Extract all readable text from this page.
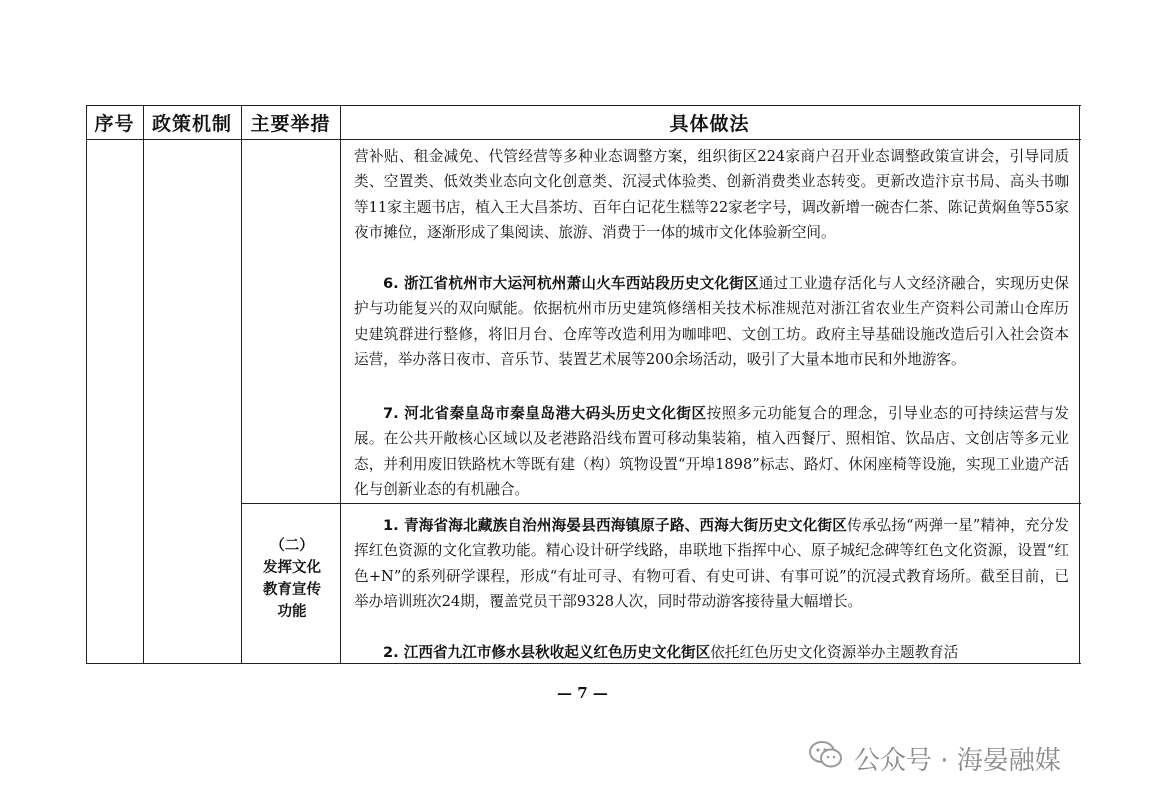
序号 政策机制 主要举措	具体做法
营补贴、租金减免、代管经营等多种业态调整方案，组织街区224家商户召开业态调整政策宣讲会，引导同质类、空置类、低效类业态向文化创意类、沉浸式体验类、创新消费类业态转变。更新改造汴京书局、高头书咖等11家主题书店，植入王大昌茶坊、百年白记花生糕等22家老字号，调改新增一碗杏仁茶、陈记黄焖鱼等55家夜市摊位，逐渐形成了集阅读、旅游、消费于一体的城市文化体验新空间。
6. 浙江省杭州市大运河杭州萧山火车西站段历史文化街区通过工业遗存活化与人文经济融合，实现历史保护与功能复兴的双向赋能。依据杭州市历史建筑修缮相关技术标准规范对浙江省农业生产资料公司萧山仓库历史建筑群进行整修，将旧月台、仓库等改造利用为咖啡吧、文创工坊。政府主导基础设施改造后引入社会资本运营，举办落日夜市、音乐节、装置艺术展等200余场活动，吸引了大量本地市民和外地游客。
7. 河北省秦皇岛市秦皇岛港大码头历史文化街区按照多元功能复合的理念，引导业态的可持续运营与发展。在公共开敞核心区域以及老港路沿线布置可移动集装箱，植入西餐厅、照相馆、饮品店、文创店等多元业态，并利用废旧铁路枕木等既有建（构）筑物设置“开埠1898”标志、路灯、休闲座椅等设施，实现工业遗产活化与创新业态的有机融合。
1. 青海省海北藏族自治州海晏县西海镇原子路、西海大街历史文化街区传承弘扬“两弹一星”精神，充分发挥红色资源的文化宣教功能。精心设计研学线路，串联地下指挥中心、原子城纪念碑等红色文化资源，设置“红色+N”的系列研学课程，形成“有址可寻、有物可看、有史可讲、有事可说”的沉浸式教育场所。截至目前，已举办培训班次24期，覆盖党员干部9328人次，同时带动游客接待量大幅增长。
2. 江西省九江市修水县秋收起义红色历史文化街区依托红色历史文化资源举办主题教育活
（二）
发挥文化教育宣传功能
— 7 —
公众号 · 海晏融媒
